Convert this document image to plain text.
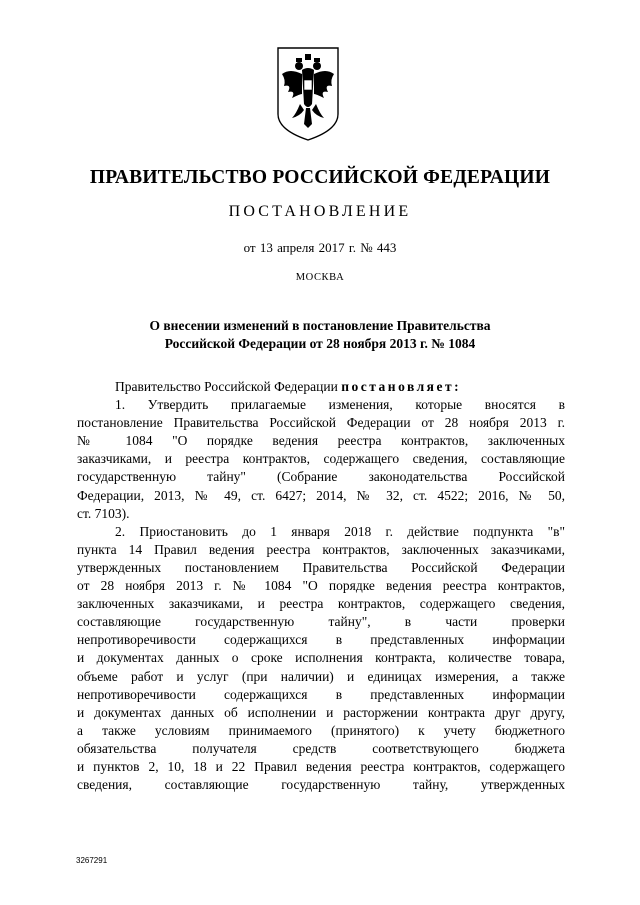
ПРАВИТЕЛЬСТВО РОССИЙСКОЙ ФЕДЕРАЦИИ
ПОСТАНОВЛЕНИЕ
от 13 апреля 2017 г. № 443
МОСКВА
О внесении изменений в постановление Правительства
Российской Федерации от 28 ноября 2013 г. № 1084
Правительство Российской Федерации постановляет:
1. Утвердить прилагаемые изменения, которые вносятся в
постановление Правительства Российской Федерации от 28 ноября 2013 г.
№ 1084 "О порядке ведения реестра контрактов, заключенных
заказчиками, и реестра контрактов, содержащего сведения, составляющие
государственную тайну" (Собрание законодательства Российской
Федерации, 2013, № 49, ст. 6427; 2014, № 32, ст. 4522; 2016, № 50,
ст. 7103).
2. Приостановить до 1 января 2018 г. действие подпункта "в"
пункта 14 Правил ведения реестра контрактов, заключенных заказчиками,
утвержденных постановлением Правительства Российской Федерации
от 28 ноября 2013 г. № 1084 "О порядке ведения реестра контрактов,
заключенных заказчиками, и реестра контрактов, содержащего сведения,
составляющие государственную тайну", в части проверки
непротиворечивости содержащихся в представленных информации
и документах данных о сроке исполнения контракта, количестве товара,
объеме работ и услуг (при наличии) и единицах измерения, а также
непротиворечивости содержащихся в представленных информации
и документах данных об исполнении и расторжении контракта друг другу,
а также условиям принимаемого (принятого) к учету бюджетного
обязательства получателя средств соответствующего бюджета
и пунктов 2, 10, 18 и 22 Правил ведения реестра контрактов, содержащего
сведения, составляющие государственную тайну, утвержденных
3267291
